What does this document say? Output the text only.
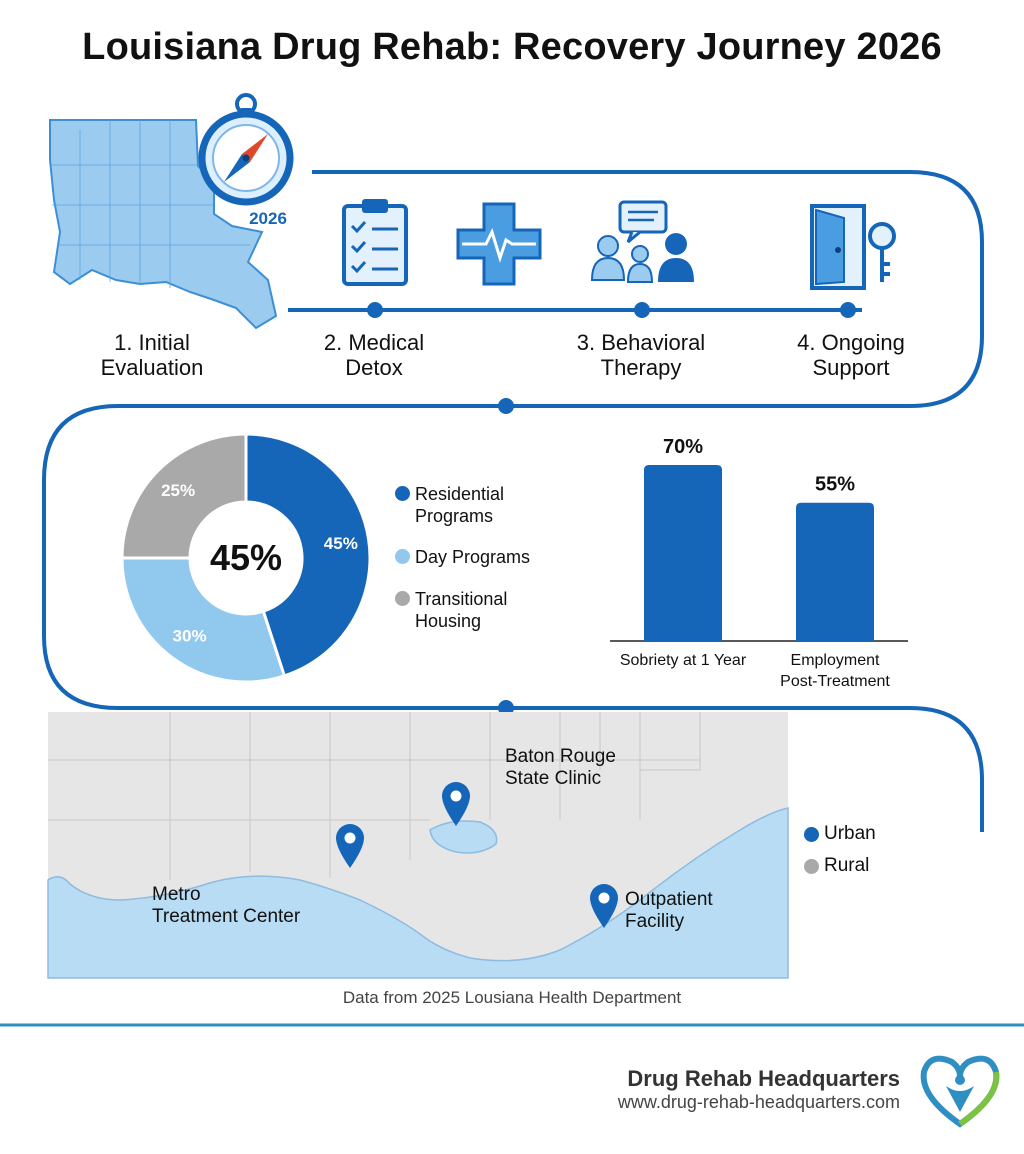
Louisiana Drug Rehab: Recovery Journey 2026
2026
45%
30%
25%
45%
70%
Sobriety at 1 Year
55%
Employment
Post-Treatment
1. Initial
Evaluation
2. Medical
Detox
3. Behavioral
Therapy
4. Ongoing
Support
Residential
Programs
Day Programs
Transitional
Housing
Baton Rouge
State Clinic
Metro
Treatment Center
Outpatient
Facility
Urban
Rural
Data from 2025 Lousiana Health Department
Drug Rehab Headquarters
www.drug-rehab-headquarters.com
